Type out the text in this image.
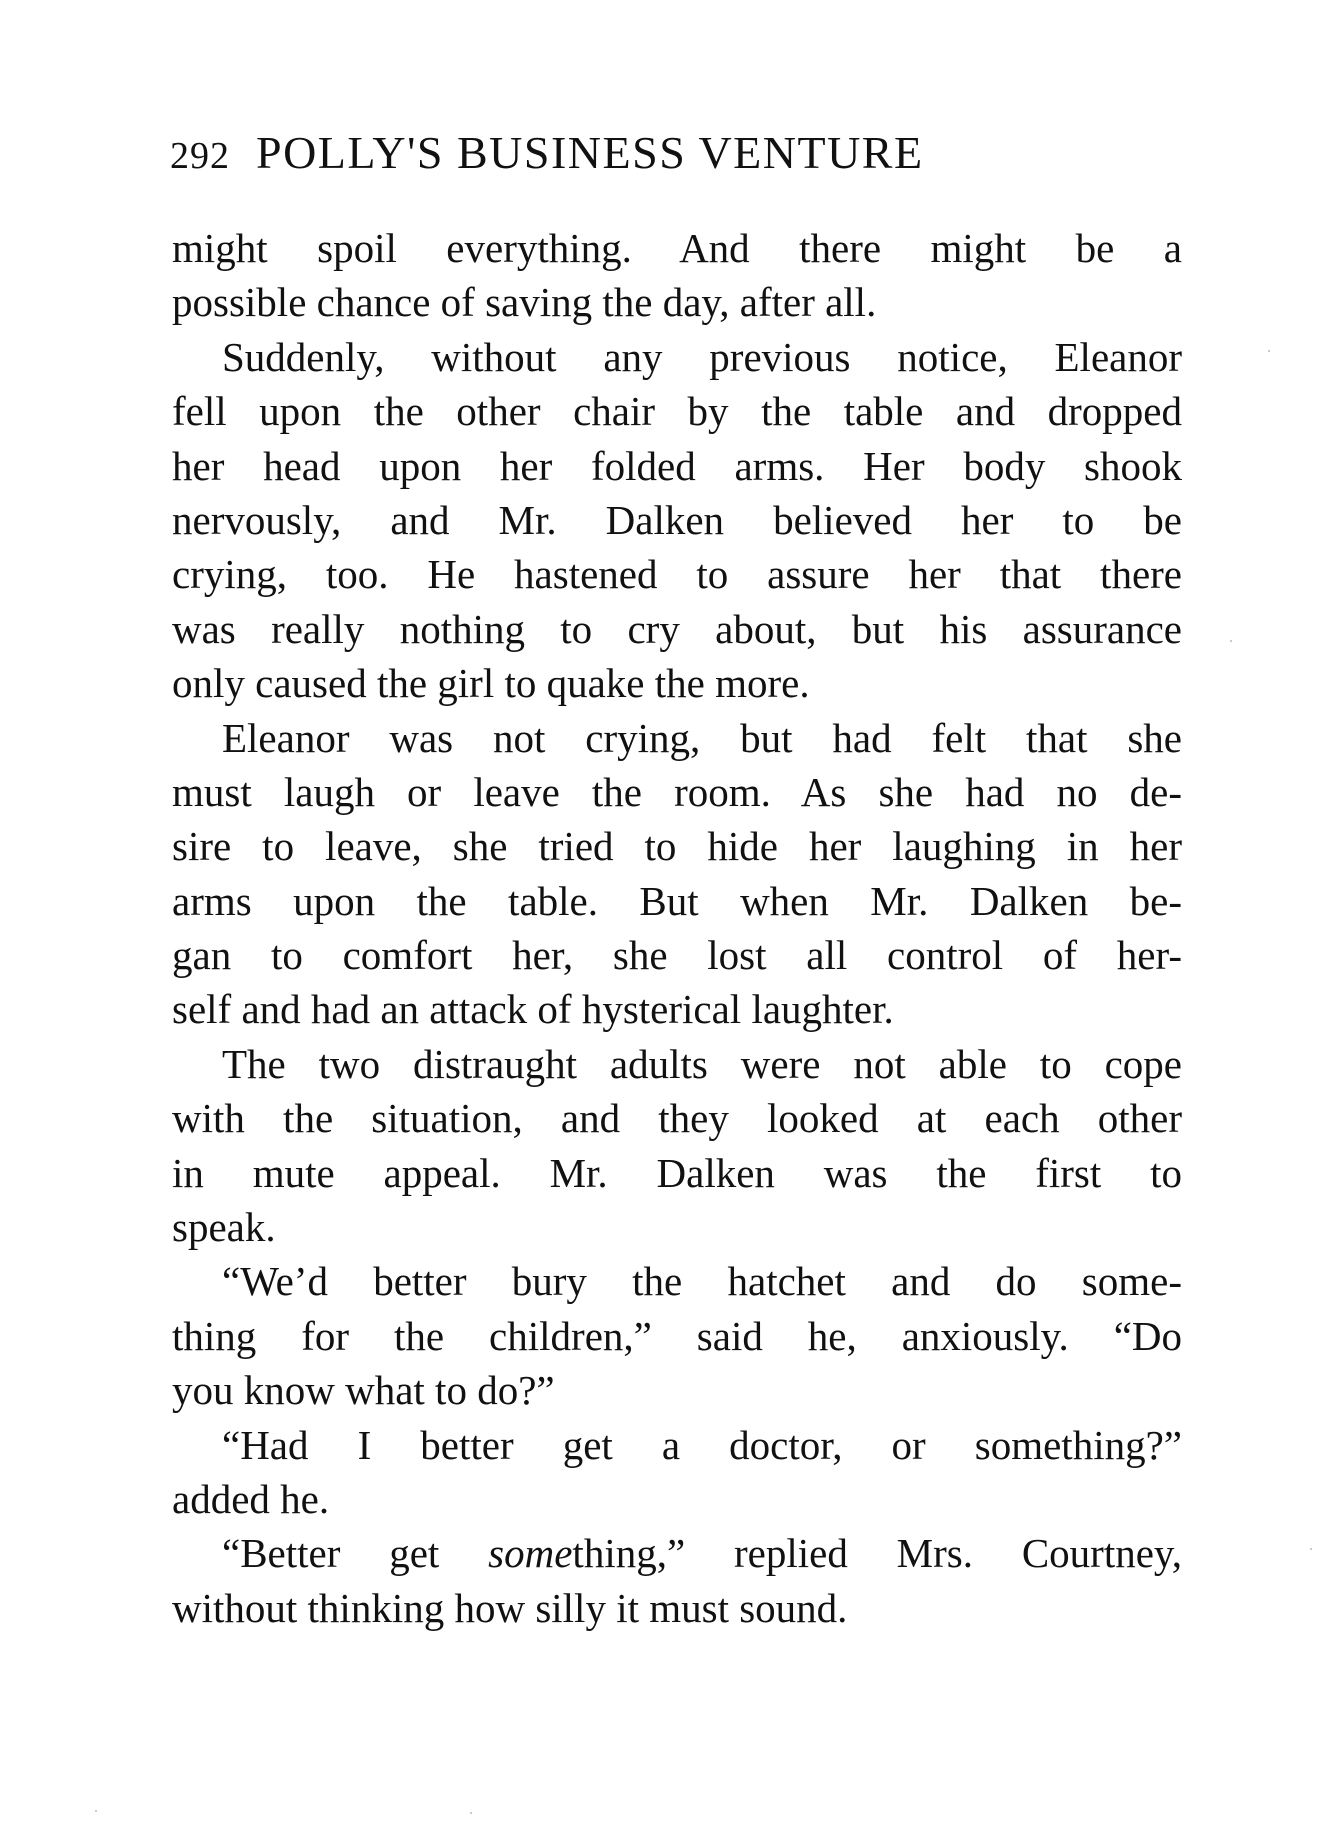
292 POLLY'S BUSINESS VENTURE
might spoil everything. And there might be a
possible chance of saving the day, after all.
Suddenly, without any previous notice, Eleanor
fell upon the other chair by the table and dropped
her head upon her folded arms. Her body shook
nervously, and Mr. Dalken believed her to be
crying, too. He hastened to assure her that there
was really nothing to cry about, but his assurance
only caused the girl to quake the more.
Eleanor was not crying, but had felt that she
must laugh or leave the room. As she had no de-
sire to leave, she tried to hide her laughing in her
arms upon the table. But when Mr. Dalken be-
gan to comfort her, she lost all control of her-
self and had an attack of hysterical laughter.
The two distraught adults were not able to cope
with the situation, and they looked at each other
in mute appeal. Mr. Dalken was the first to
speak.
“We’d better bury the hatchet and do some-
thing for the children,” said he, anxiously. “Do
you know what to do?”
“Had I better get a doctor, or something?”
added he.
“Better get something,” replied Mrs. Courtney,
without thinking how silly it must sound.
